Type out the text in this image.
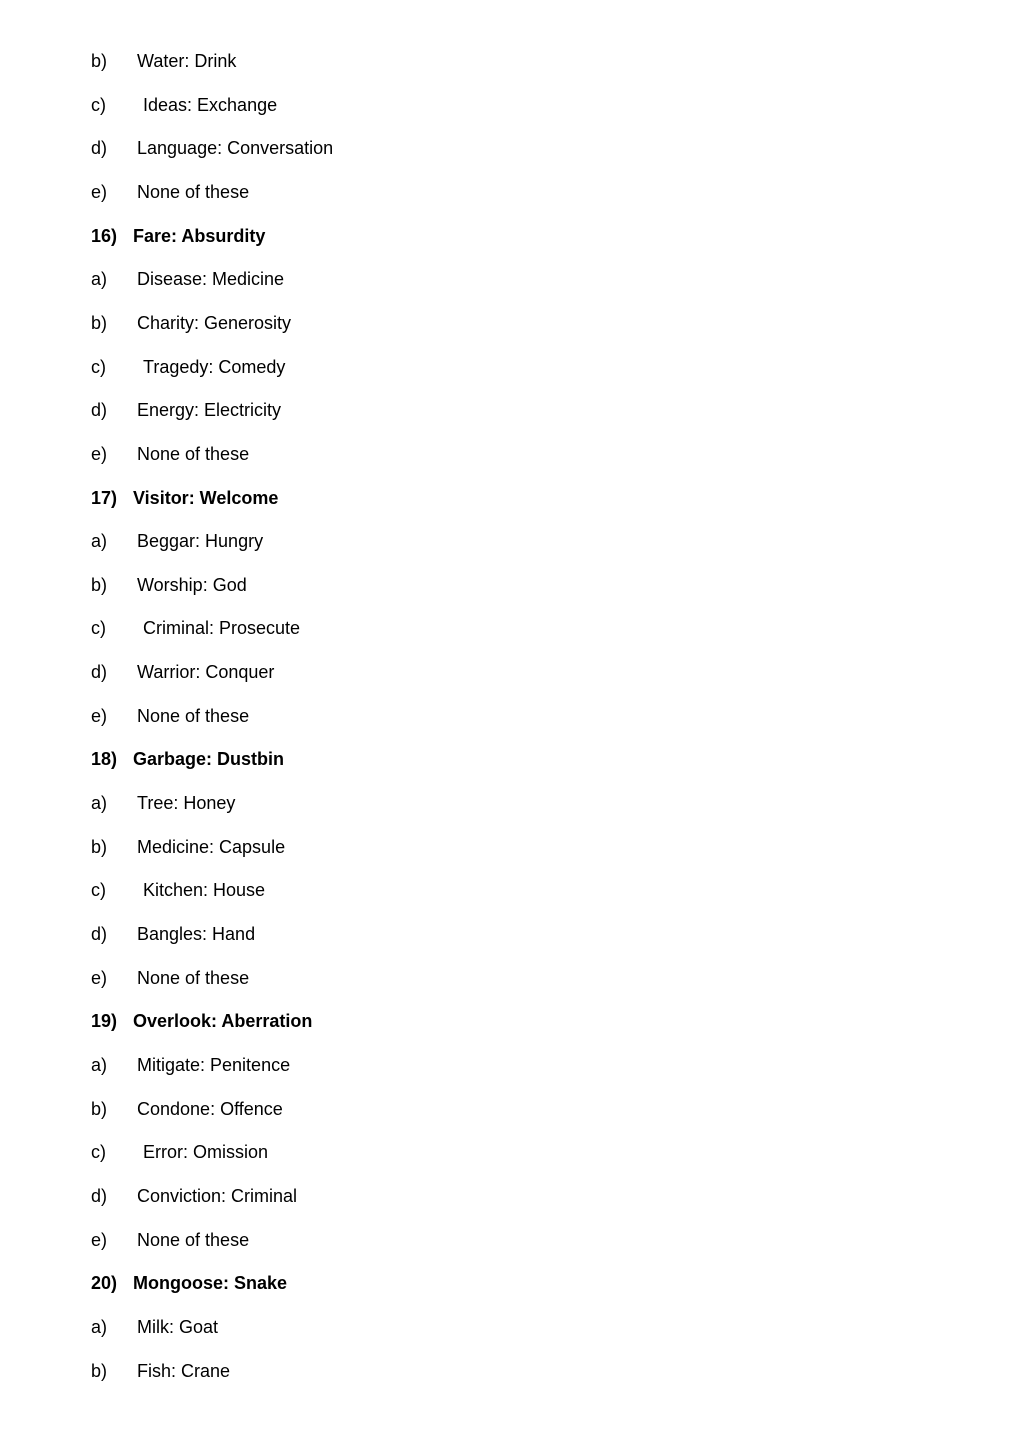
b) Water: Drink
c) Ideas: Exchange
d) Language: Conversation
e) None of these
16) Fare: Absurdity
a) Disease: Medicine
b) Charity: Generosity
c) Tragedy: Comedy
d) Energy: Electricity
e) None of these
17) Visitor: Welcome
a) Beggar: Hungry
b) Worship: God
c) Criminal: Prosecute
d) Warrior: Conquer
e) None of these
18) Garbage: Dustbin
a) Tree: Honey
b) Medicine: Capsule
c) Kitchen: House
d) Bangles: Hand
e) None of these
19) Overlook: Aberration
a) Mitigate: Penitence
b) Condone: Offence
c) Error: Omission
d) Conviction: Criminal
e) None of these
20) Mongoose: Snake
a) Milk: Goat
b) Fish: Crane
